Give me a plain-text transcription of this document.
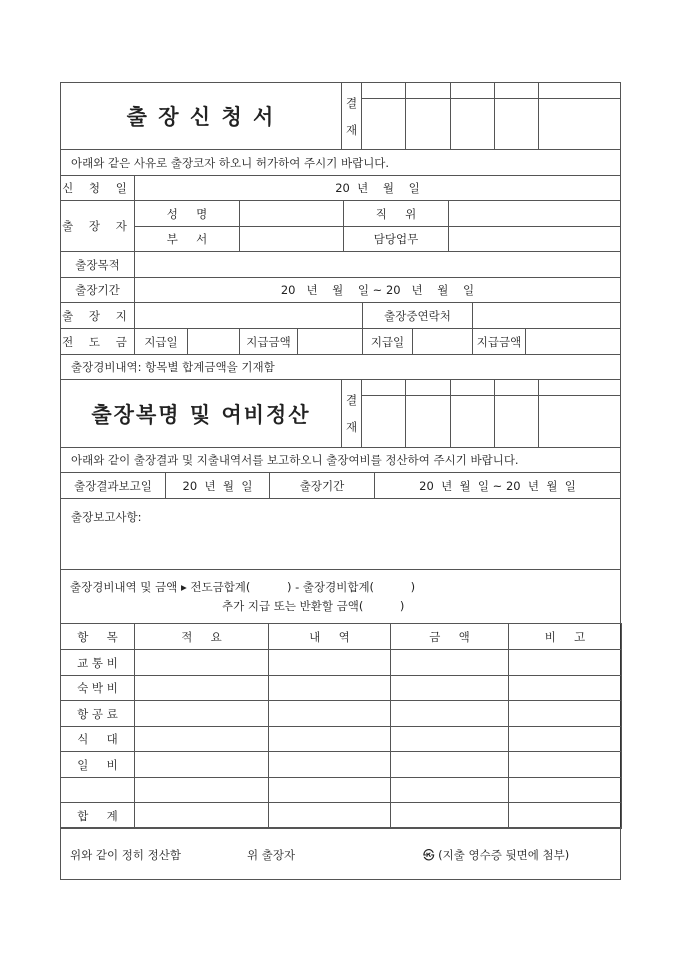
출 장 신 청 서
결
재
아래와 같은 사유로 출장코자 하오니 허가하여 주시기 바랍니다.
신 청 일	20  년    월    일
출 장 자
성     명	직     위
부     서	담당업무
출장목적
출장기간	20   년    월    일 ~ 20   년    월    일
출 장 지	출장중연락처
전 도 금	지급일	지급금액	지급일	지급금액
출장경비내역: 항목별 합계금액을 기재함
출장복명 및 여비정산
결
재
아래와 같이 출장결과 및 지출내역서를 보고하오니 출장여비를 정산하여 주시기 바랍니다.
출장결과보고일	20  년  월  일	출장기간	20  년  월  일 ~ 20  년  월  일
출장보고사항:
출장경비내역 및 금액 ▸ 전도금합계(          ) - 출장경비합계(          )
추가 지급 또는 반환할 금액(          )
항     목	적     요	내     역	금     액	비     고
교 통 비
숙 박 비
항 공 료
식     대
일     비
합     계
위와 같이 정히 정산함	위 출장자	㉿ (지출 영수증 뒷면에 첨부)
